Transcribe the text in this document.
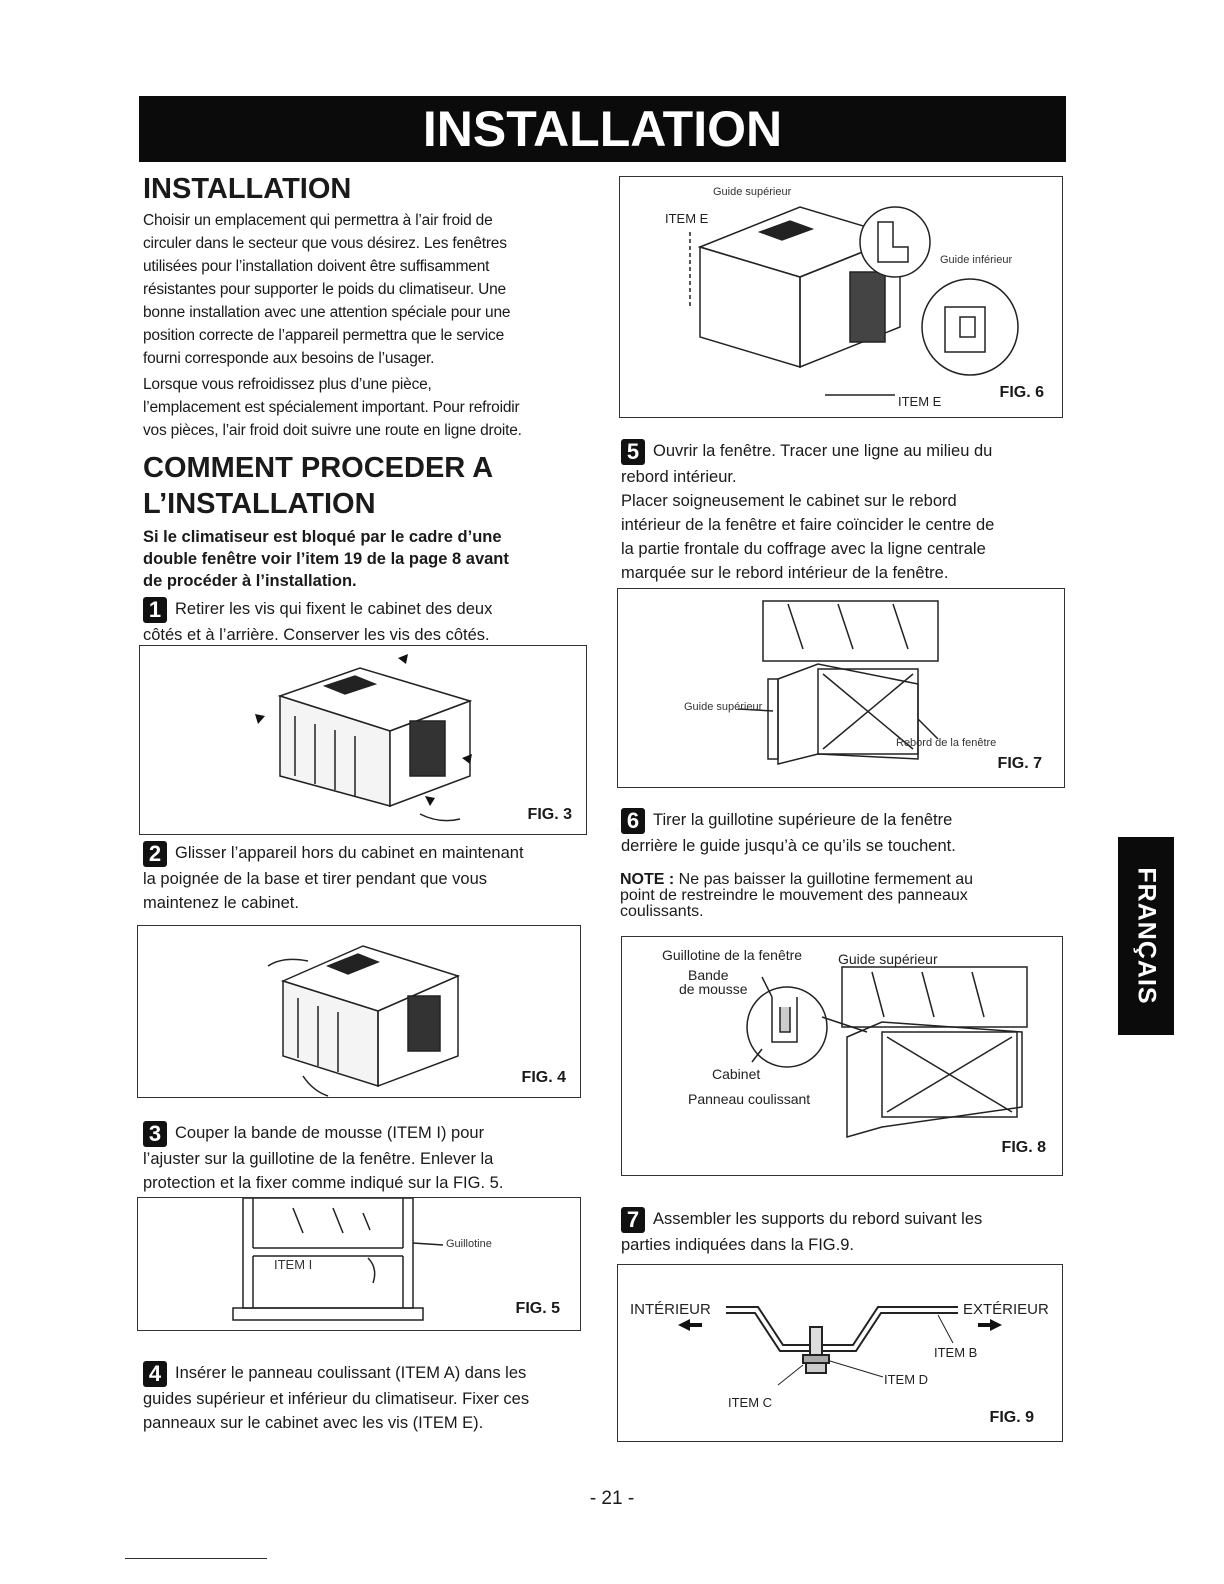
INSTALLATION
INSTALLATION
Choisir un emplacement qui permettra à l’air froid de
circuler dans le secteur que vous désirez. Les fenêtres
utilisées pour l’installation doivent être suffisamment
résistantes pour supporter le poids du climatiseur. Une
bonne installation avec une attention spéciale pour une
position correcte de l’appareil permettra que le service
fourni corresponde aux besoins de l’usager.
Lorsque vous refroidissez plus d’une pièce,
l’emplacement est spécialement important. Pour refroidir
vos pièces, l’air froid doit suivre une route en ligne droite.
COMMENT PROCEDER A
L’INSTALLATION
Si le climatiseur est bloqué par le cadre d’une
double fenêtre voir l’item 19 de la page 8 avant
de procéder à l’installation.
1 Retirer les vis qui fixent le cabinet des deux
côtés et à l’arrière. Conserver les vis des côtés.
FIG. 3
2 Glisser l’appareil hors du cabinet en maintenant
la poignée de la base et tirer pendant que vous
maintenez le cabinet.
FIG. 4
3 Couper la bande de mousse (ITEM I) pour
l’ajuster sur la guillotine de la fenêtre. Enlever la
protection et la fixer comme indiqué sur la FIG. 5.
ITEM I
Guillotine
FIG. 5
4 Insérer le panneau coulissant (ITEM A) dans les
guides supérieur et inférieur du climatiseur. Fixer ces
panneaux sur le cabinet avec les vis (ITEM E).
Guide supérieur
ITEM E
Guide inférieur
ITEM E
FIG. 6
5 Ouvrir la fenêtre. Tracer une ligne au milieu du
rebord intérieur.
Placer soigneusement le cabinet sur le rebord
intérieur de la fenêtre et faire coïncider le centre de
la partie frontale du coffrage avec la ligne centrale
marquée sur le rebord intérieur de la fenêtre.
Guide supérieur
Rebord de la fenêtre
FIG. 7
6 Tirer la guillotine supérieure de la fenêtre
derrière le guide jusqu’à ce qu’ils se touchent.
NOTE : Ne pas baisser la guillotine fermement au
point de restreindre le mouvement des panneaux
coulissants.
Guillotine de la fenêtre	Guide supérieur
Bande
de mousse
Cabinet
Panneau coulissant
FIG. 8
7 Assembler les supports du rebord suivant les
parties indiquées dans la FIG.9.
INTÉRIEUR	EXTÉRIEUR
ITEM B
ITEM D
ITEM C
FIG. 9
FRANÇAIS
- 21 -
